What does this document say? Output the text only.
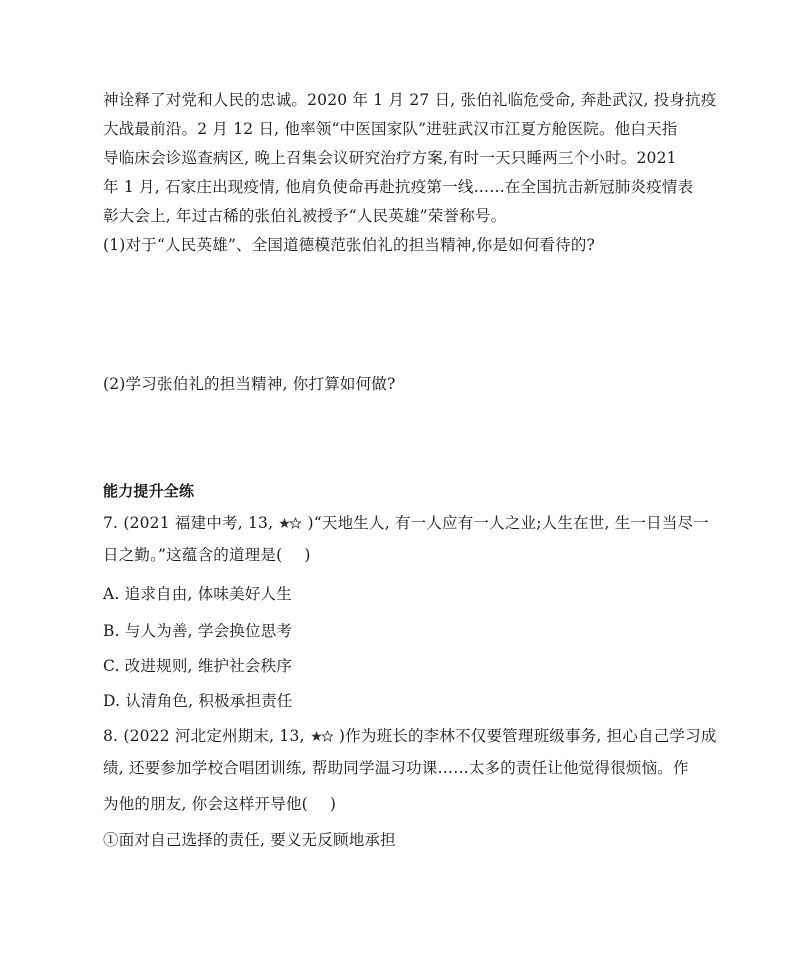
神诠释了对党和人民的忠诚。2020 年 1 月 27 日, 张伯礼临危受命, 奔赴武汉, 投身抗疫
大战最前沿。2 月 12 日, 他率领“中医国家队”进驻武汉市江夏方舱医院。他白天指
导临床会诊巡查病区, 晚上召集会议研究治疗方案,有时一天只睡两三个小时。2021
年 1 月, 石家庄出现疫情, 他肩负使命再赴抗疫第一线……在全国抗击新冠肺炎疫情表
彰大会上, 年过古稀的张伯礼被授予“人民英雄”荣誉称号。
(1)对于“人民英雄”、全国道德模范张伯礼的担当精神,你是如何看待的?
(2)学习张伯礼的担当精神, 你打算如何做?
能力提升全练
7. (2021 福建中考, 13, )“天地生人, 有一人应有一人之业;人生在世, 生一日当尽一
日之勤。”这蕴含的道理是( )
A. 追求自由, 体味美好人生
B. 与人为善, 学会换位思考
C. 改进规则, 维护社会秩序
D. 认清角色, 积极承担责任
8. (2022 河北定州期末, 13, )作为班长的李林不仅要管理班级事务, 担心自己学习成
绩, 还要参加学校合唱团训练, 帮助同学温习功课……太多的责任让他觉得很烦恼。作
为他的朋友, 你会这样开导他( )
①面对自己选择的责任, 要义无反顾地承担
